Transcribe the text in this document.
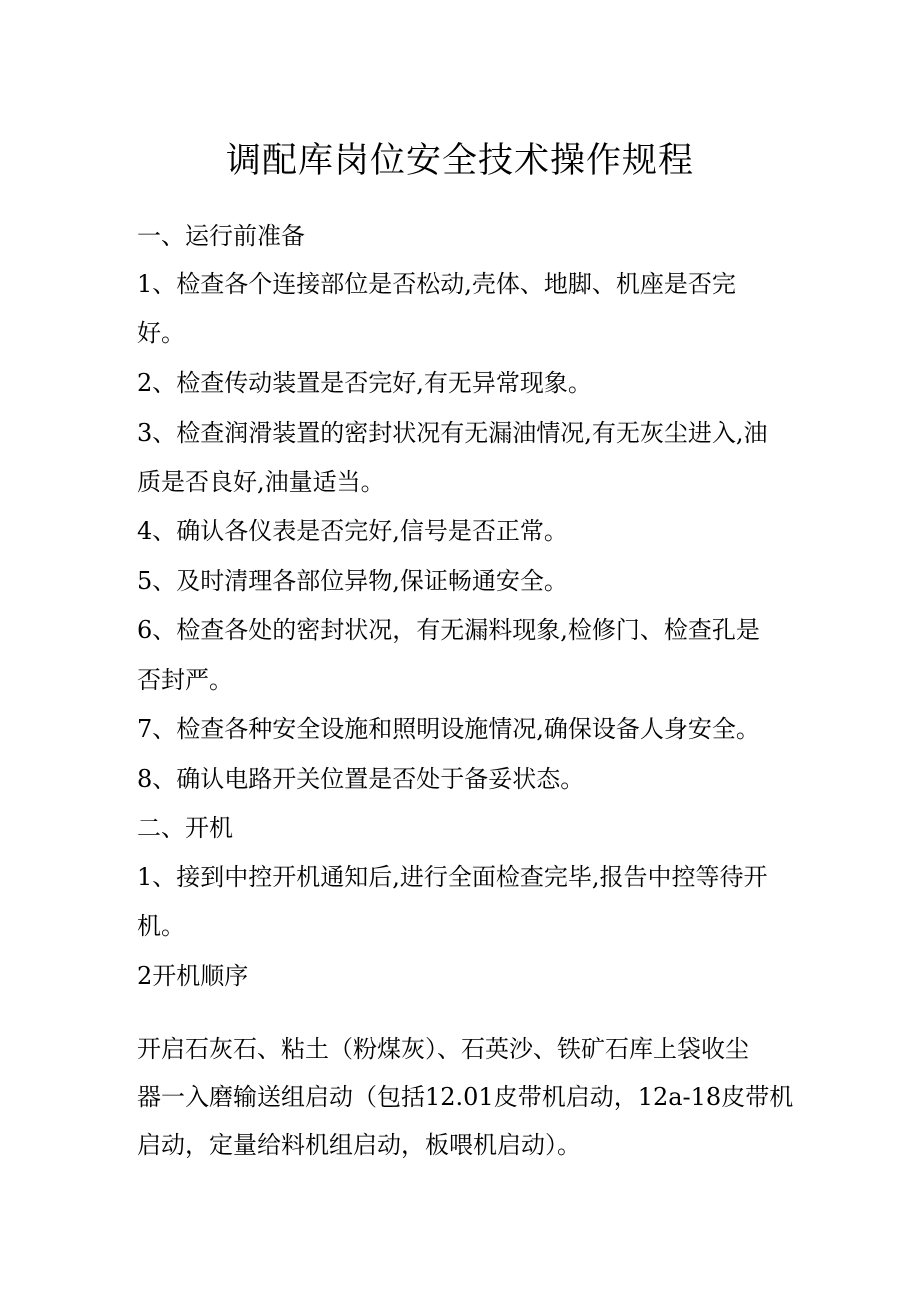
调配库岗位安全技术操作规程
一、运行前准备
1、检查各个连接部位是否松动,壳体、地脚、机座是否完
好。
2、检查传动装置是否完好,有无异常现象。
3、检查润滑装置的密封状况有无漏油情况,有无灰尘进入,油
质是否良好,油量适当。
4、确认各仪表是否完好,信号是否正常。
5、及时清理各部位异物,保证畅通安全。
6、检查各处的密封状况，有无漏料现象,检修门、检查孔是
否封严。
7、检查各种安全设施和照明设施情况,确保设备人身安全。
8、确认电路开关位置是否处于备妥状态。
二、开机
1、接到中控开机通知后,进行全面检查完毕,报告中控等待开
机。
2开机顺序
开启石灰石、粘土（粉煤灰）、石英沙、铁矿石库上袋收尘
器一入磨输送组启动（包括12.01皮带机启动，12a-18皮带机
启动，定量给料机组启动，板喂机启动）。
